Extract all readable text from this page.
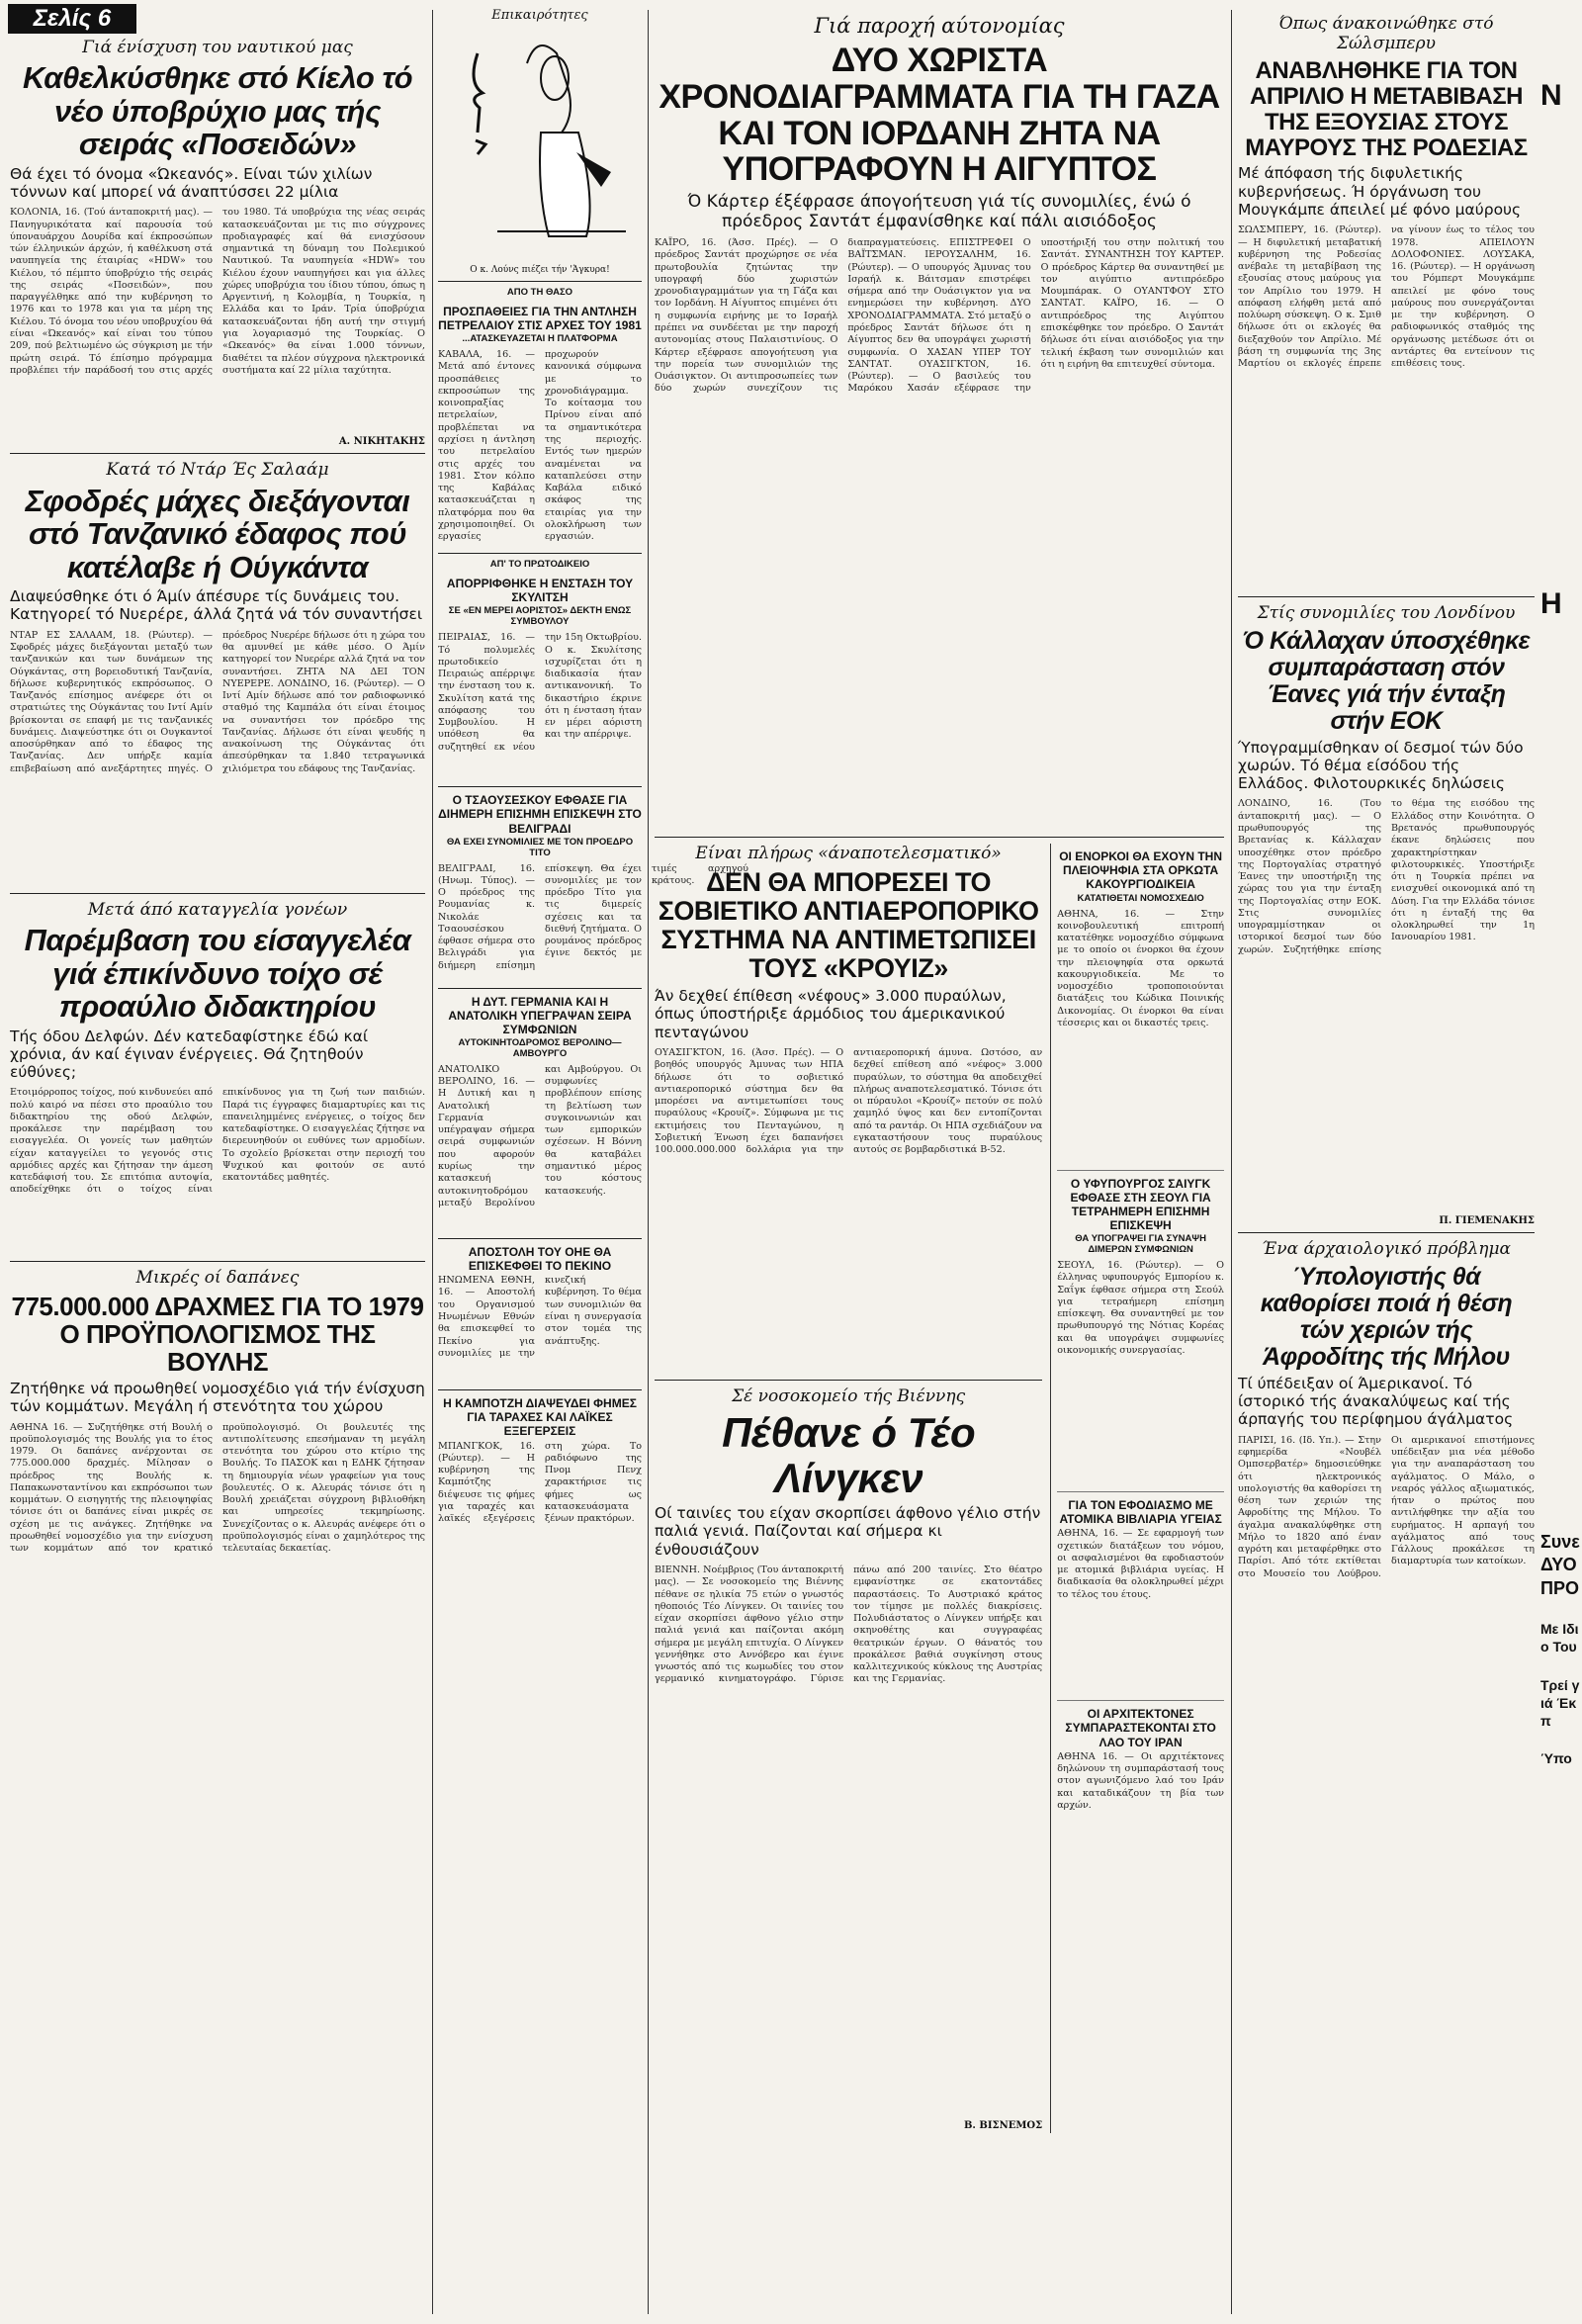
Σελίς 6

Γιά ένίσχυση του ναυτικού μας

Καθελκύσθηκε στό Κίελο τό νέο ύποβρύχιο μας τής σειράς «Ποσειδών»

Θά έχει τό όνομα «Ώκεανός». Είναι τών χιλίων τόννων καί μπορεί νά άναπτύσσει 22 μίλια

ΚΟΛΟΝΙΑ, 16. (Τού άνταποκριτή μας). — Πανηγυρικότατα καί παρουσία τού ύποναυάρχου Δουρίδα καί έκπροσώπων τών έλληνικών άρχών, ή καθέλκυση στά ναυπηγεία της έταιρίας «HDW» του Κιέλου, τό πέμπτο ύποβρύχιο τής σειράς της σειράς «Ποσειδών», που παραγγέλθηκε από την κυβέρνηση το 1976 και το 1978 και για τα μέρη της Κιέλου. Τό όνομα του νέου υποβρυχίου θά είναι «Ώκεανός» καί είναι του τύπου 209, πού βελτιωμένο ώς σύγκριση με τήν πρώτη σειρά. Τό έπίσημο πρόγραμμα προβλέπει τήν παράδοσή του στις αρχές του 1980. Τά υποβρύχια της νέας σειράς κατασκευάζονται με τις πιο σύγχρονες προδιαγραφές καί θά ενισχύσουν σημαντικά τη δύναμη του Πολεμικού Ναυτικού. Τα ναυπηγεία «HDW» του Κιέλου έχουν ναυπηγήσει και για άλλες χώρες υποβρύχια του ίδιου τύπου, όπως η Αργεντινή, η Κολομβία, η Τουρκία, η Ελλάδα και το Ιράν. Τρία ύποβρύχια κατασκευάζονται ήδη αυτή την στιγμή για λογαριασμό της Τουρκίας. Ο «Ωκεανός» θα είναι 1.000 τόννων, διαθέτει τα πλέον σύγχρονα ηλεκτρονικά συστήματα καί 22 μίλια ταχύτητα.

Α. ΝΙΚΗΤΑΚΗΣ

Κατά τό Ντάρ Ές Σαλαάμ

Σφοδρές μάχες διεξάγονται στό Τανζανικό έδαφος πού κατέλαβε ή Ούγκάντα

Διαψεύσθηκε ότι ό Άμίν άπέσυρε τίς δυνάμεις του. Κατηγορεί τό Νυερέρε, άλλά ζητά νά τόν συναντήσει

ΝΤΑΡ ΕΣ ΣΑΛΑΑΜ, 18. (Ρώυτερ). — Σφοδρές μάχες διεξάγονται μεταξύ των τανζανικών και των δυνάμεων της Ούγκάντας, στη βορειοδυτική Τανζανία, δήλωσε κυβερνητικός εκπρόσωπος. Ο Τανζανός επίσημος ανέφερε ότι οι στρατιώτες της Ούγκάντας του Ιντί Αμίν βρίσκονται σε επαφή με τις τανζανικές δυνάμεις. Διαψεύστηκε ότι οι Ουγκαντοί αποσύρθηκαν από το έδαφος της Τανζανίας. Δεν υπήρξε καμία επιβεβαίωση από ανεξάρτητες πηγές. Ο πρόεδρος Νυερέρε δήλωσε ότι η χώρα του θα αμυνθεί με κάθε μέσο. Ο Άμίν κατηγορεί τον Νυερέρε αλλά ζητά να τον συναντήσει. ΖΗΤΑ ΝΑ ΔΕΙ ΤΟΝ ΝΥΕΡΕΡΕ. ΛΟΝΔΙΝΟ, 16. (Ρώυτερ). — Ο Ιντί Αμίν δήλωσε από τον ραδιοφωνικό σταθμό της Καμπάλα ότι είναι έτοιμος να συναντήσει τον πρόεδρο της Τανζανίας. Δήλωσε ότι είναι ψευδής η ανακοίνωση της Ούγκάντας ότι άπεσύρθηκαν τα 1.840 τετραγωνικά χιλιόμετρα του εδάφους της Τανζανίας.

Μετά άπό καταγγελία γονέων

Παρέμβαση του είσαγγελέα γιά έπικίνδυνο τοίχο σέ προαύλιο διδακτηρίου

Τής όδου Δελφών. Δέν κατεδαφίστηκε έδώ καί χρόνια, άν καί έγιναν ένέργειες. Θά ζητηθούν εύθύνες;

Ετοιμόρροπος τοίχος, πού κινδυνεύει από πολύ καιρό να πέσει στο προαύλιο του διδακτηρίου της οδού Δελφών, προκάλεσε την παρέμβαση του εισαγγελέα. Οι γονείς των μαθητών είχαν καταγγείλει το γεγονός στις αρμόδιες αρχές και ζήτησαν την άμεση κατεδάφισή του. Σε επιτόπια αυτοψία, αποδείχθηκε ότι ο τοίχος είναι επικίνδυνος για τη ζωή των παιδιών. Παρά τις έγγραφες διαμαρτυρίες και τις επανειλημμένες ενέργειες, ο τοίχος δεν κατεδαφίστηκε. Ο εισαγγελέας ζήτησε να διερευνηθούν οι ευθύνες των αρμοδίων. Το σχολείο βρίσκεται στην περιοχή του Ψυχικού και φοιτούν σε αυτό εκατοντάδες μαθητές.

Μικρές οί δαπάνες

775.000.000 ΔΡΑΧΜΕΣ ΓΙΑ ΤΟ 1979 Ο ΠΡΟΫΠΟΛΟΓΙΣΜΟΣ ΤΗΣ ΒΟΥΛΗΣ

Ζητήθηκε νά προωθηθεί νομοσχέδιο γιά τήν ένίσχυση τών κομμάτων. Μεγάλη ή στενότητα του χώρου

ΑΘΗΝΑ 16. — Συζητήθηκε στή Βουλή ο προϋπολογισμός της Βουλής για το έτος 1979. Οι δαπάνες ανέρχονται σε 775.000.000 δραχμές. Μίλησαν ο πρόεδρος της Βουλής κ. Παπακωνσταντίνου και εκπρόσωποι των κομμάτων. Ο εισηγητής της πλειοψηφίας τόνισε ότι οι δαπάνες είναι μικρές σε σχέση με τις ανάγκες. Ζητήθηκε να προωθηθεί νομοσχέδιο για την ενίσχυση των κομμάτων από τον κρατικό προϋπολογισμό. Οι βουλευτές της αντιπολίτευσης επεσήμαναν τη μεγάλη στενότητα του χώρου στο κτίριο της Βουλής. Το ΠΑΣΟΚ και η ΕΔΗΚ ζήτησαν τη δημιουργία νέων γραφείων για τους βουλευτές. Ο κ. Αλευράς τόνισε ότι η Βουλή χρειάζεται σύγχρονη βιβλιοθήκη και υπηρεσίες τεκμηρίωσης. Συνεχίζοντας ο κ. Αλευράς ανέφερε ότι ο προϋπολογισμός είναι ο χαμηλότερος της τελευταίας δεκαετίας.

Επικαιρότητες

Ο κ. Λούνς πιέζει τήν 'Άγκυρα!

ΑΠΟ ΤΗ ΘΑΣΟ

ΠΡΟΣΠΑΘΕΙΕΣ ΓΙΑ ΤΗΝ ΑΝΤΛΗΣΗ ΠΕΤΡΕΛΑΙΟΥ ΣΤΙΣ ΑΡΧΕΣ ΤΟΥ 1981

...ΑΤΑΣΚΕΥΑΖΕΤΑΙ Η ΠΛΑΤΦΟΡΜΑ

ΚΑΒΑΛΑ, 16. — Μετά από έντονες προσπάθειες εκπροσώπων της κοινοπραξίας πετρελαίων, προβλέπεται να αρχίσει η άντληση του πετρελαίου στις αρχές του 1981. Στον κόλπο της Καβάλας κατασκευάζεται η πλατφόρμα που θα χρησιμοποιηθεί. Οι εργασίες προχωρούν κανονικά σύμφωνα με το χρονοδιάγραμμα. Το κοίτασμα του Πρίνου είναι από τα σημαντικότερα της περιοχής. Εντός των ημερών αναμένεται να καταπλεύσει στην Καβάλα ειδικό σκάφος της εταιρίας για την ολοκλήρωση των εργασιών.

ΑΠ' ΤΟ ΠΡΩΤΟΔΙΚΕΙΟ

ΑΠΟΡΡΙΦΘΗΚΕ Η ΕΝΣΤΑΣΗ ΤΟΥ ΣΚΥΛΙΤΣΗ

ΣΕ «ΕΝ ΜΕΡΕΙ ΑΟΡΙΣΤΟΣ» ΔΕΚΤΗ ΕΝΩΣ ΣΥΜΒΟΥΛΟΥ

ΠΕΙΡΑΙΑΣ, 16. — Τό πολυμελές πρωτοδικείο Πειραιώς απέρριψε την ένσταση του κ. Σκυλίτση κατά της απόφασης του Συμβουλίου. Η υπόθεση θα συζητηθεί εκ νέου την 15η Οκτωβρίου. Ο κ. Σκυλίτσης ισχυρίζεται ότι η διαδικασία ήταν αντικανονική. Το δικαστήριο έκρινε ότι η ένσταση ήταν εν μέρει αόριστη και την απέρριψε.

Ο ΤΣΑΟΥΣΕΣΚΟΥ ΕΦΘΑΣΕ ΓΙΑ ΔΙΗΜΕΡΗ ΕΠΙΣΗΜΗ ΕΠΙΣΚΕΨΗ ΣΤΟ ΒΕΛΙΓΡΑΔΙ

ΘΑ ΕΧΕΙ ΣΥΝΟΜΙΛΙΕΣ ΜΕ ΤΟΝ ΠΡΟΕΔΡΟ ΤΙΤΟ

ΒΕΛΙΓΡΑΔΙ, 16. (Ηνωμ. Τύπος). — Ο πρόεδρος της Ρουμανίας κ. Νικολάε Τσαουσέσκου έφθασε σήμερα στο Βελιγράδι για διήμερη επίσημη επίσκεψη. Θα έχει συνομιλίες με τον πρόεδρο Τίτο για τις διμερείς σχέσεις και τα διεθνή ζητήματα. Ο ρουμάνος πρόεδρος έγινε δεκτός με τιμές αρχηγού κράτους.

Η ΔΥΤ. ΓΕΡΜΑΝΙΑ ΚΑΙ Η ΑΝΑΤΟΛΙΚΗ ΥΠΕΓΡΑΨΑΝ ΣΕΙΡΑ ΣΥΜΦΩΝΙΩΝ

ΑΥΤΟΚΙΝΗΤΟΔΡΟΜΟΣ ΒΕΡΟΛΙΝΟ—ΑΜΒΟΥΡΓΟ

ΑΝΑΤΟΛΙΚΟ ΒΕΡΟΛΙΝΟ, 16. — Η Δυτική και η Ανατολική Γερμανία υπέγραψαν σήμερα σειρά συμφωνιών που αφορούν κυρίως την κατασκευή αυτοκινητοδρόμου μεταξύ Βερολίνου και Αμβούργου. Οι συμφωνίες προβλέπουν επίσης τη βελτίωση των συγκοινωνιών και των εμπορικών σχέσεων. Η Βόννη θα καταβάλει σημαντικό μέρος του κόστους κατασκευής.

ΑΠΟΣΤΟΛΗ ΤΟΥ ΟΗΕ ΘΑ ΕΠΙΣΚΕΦΘΕΙ ΤΟ ΠΕΚΙΝΟ

ΗΝΩΜΕΝΑ ΕΘΝΗ, 16. — Αποστολή του Οργανισμού Ηνωμένων Εθνών θα επισκεφθεί το Πεκίνο για συνομιλίες με την κινεζική κυβέρνηση. Το θέμα των συνομιλιών θα είναι η συνεργασία στον τομέα της ανάπτυξης.

Η ΚΑΜΠΟΤΖΗ ΔΙΑΨΕΥΔΕΙ ΦΗΜΕΣ ΓΙΑ ΤΑΡΑΧΕΣ ΚΑΙ ΛΑΪΚΕΣ ΕΞΕΓΕΡΣΕΙΣ

ΜΠΑΝΓΚΟΚ, 16. (Ρώυτερ). — Η κυβέρνηση της Καμπότζης διέψευσε τις φήμες για ταραχές και λαϊκές εξεγέρσεις στη χώρα. Το ραδιόφωνο της Πνομ Πενχ χαρακτήρισε τις φήμες ως κατασκευάσματα ξένων πρακτόρων.

Γιά παροχή αύτονομίας

ΔΥΟ ΧΩΡΙΣΤΑ ΧΡΟΝΟΔΙΑΓΡΑΜΜΑΤΑ ΓΙΑ ΤΗ ΓΑΖΑ ΚΑΙ ΤΟΝ ΙΟΡΔΑΝΗ ΖΗΤΑ ΝΑ ΥΠΟΓΡΑΦΟΥΝ Η ΑΙΓΥΠΤΟΣ

Ό Κάρτερ έξέφρασε άπογοήτευση γιά τίς συνομιλίες, ένώ ό πρόεδρος Σαντάτ έμφανίσθηκε καί πάλι αισιόδοξος

ΚΑΪΡΟ, 16. (Άσσ. Πρές). — Ο πρόεδρος Σαντάτ προχώρησε σε νέα πρωτοβουλία ζητώντας την υπογραφή δύο χωριστών χρονοδιαγραμμάτων για τη Γάζα και τον Ιορδάνη. Η Αίγυπτος επιμένει ότι η συμφωνία ειρήνης με το Ισραήλ πρέπει να συνδέεται με την παροχή αυτονομίας στους Παλαιστινίους. Ο Κάρτερ εξέφρασε απογοήτευση για την πορεία των συνομιλιών της Ουάσιγκτον. Οι αντιπροσωπείες των δύο χωρών συνεχίζουν τις διαπραγματεύσεις. ΕΠΙΣΤΡΕΦΕΙ Ο ΒΑΪΤΣΜΑΝ. ΙΕΡΟΥΣΑΛΗΜ, 16. (Ρώυτερ). — Ο υπουργός Άμυνας του Ισραήλ κ. Βάιτσμαν επιστρέφει σήμερα από την Ουάσιγκτον για να ενημερώσει την κυβέρνηση. ΔΥΟ ΧΡΟΝΟΔΙΑΓΡΑΜΜΑΤΑ. Στό μεταξύ ο πρόεδρος Σαντάτ δήλωσε ότι η Αίγυπτος δεν θα υπογράψει χωριστή συμφωνία. Ο ΧΑΣΑΝ ΥΠΕΡ ΤΟΥ ΣΑΝΤΑΤ. ΟΥΑΣΙΓΚΤΟΝ, 16. (Ρώυτερ). — Ο βασιλεύς του Μαρόκου Χασάν εξέφρασε την υποστήριξή του στην πολιτική του Σαντάτ. ΣΥΝΑΝΤΗΣΗ ΤΟΥ ΚΑΡΤΕΡ. Ο πρόεδρος Κάρτερ θα συναντηθεί με τον αιγύπτιο αντιπρόεδρο Μουμπάρακ. Ο ΟΥΑΝΤΦΟΥ ΣΤΟ ΣΑΝΤΑΤ. ΚΑΪΡΟ, 16. — Ο αντιπρόεδρος της Αιγύπτου επισκέφθηκε τον πρόεδρο. Ο Σαντάτ δήλωσε ότι είναι αισιόδοξος για την τελική έκβαση των συνομιλιών και ότι η ειρήνη θα επιτευχθεί σύντομα.

Είναι πλήρως «άναποτελεσματικό»

ΔΕΝ ΘΑ ΜΠΟΡΕΣΕΙ ΤΟ ΣΟΒΙΕΤΙΚΟ ΑΝΤΙΑΕΡΟΠΟΡΙΚΟ ΣΥΣΤΗΜΑ ΝΑ ΑΝΤΙΜΕΤΩΠΙΣΕΙ ΤΟΥΣ «ΚΡΟΥΙΖ»

Άν δεχθεί έπίθεση «νέφους» 3.000 πυραύλων, όπως ύποστήριξε άρμόδιος του άμερικανικού πενταγώνου

ΟΥΑΣΙΓΚΤΟΝ, 16. (Άσσ. Πρές). — Ο βοηθός υπουργός Άμυνας των ΗΠΑ δήλωσε ότι το σοβιετικό αντιαεροπορικό σύστημα δεν θα μπορέσει να αντιμετωπίσει τους πυραύλους «Κρουίζ». Σύμφωνα με τις εκτιμήσεις του Πενταγώνου, η Σοβιετική Ένωση έχει δαπανήσει 100.000.000.000 δολλάρια για την αντιαεροπορική άμυνα. Ωστόσο, αν δεχθεί επίθεση από «νέφος» 3.000 πυραύλων, το σύστημα θα αποδειχθεί πλήρως αναποτελεσματικό. Τόνισε ότι οι πύραυλοι «Κρουίζ» πετούν σε πολύ χαμηλό ύψος και δεν εντοπίζονται από τα ραντάρ. Οι ΗΠΑ σχεδιάζουν να εγκαταστήσουν τους πυραύλους αυτούς σε βομβαρδιστικά Β-52.

Σέ νοσοκομείο τής Βιέννης

Πέθανε ό Τέο Λίνγκεν

Οί ταινίες του είχαν σκορπίσει άφθονο γέλιο στήν παλιά γενιά. Παίζονται καί σήμερα κι ένθουσιάζουν

ΒΙΕΝΝΗ. Νοέμβριος (Του άνταποκριτή μας). — Σε νοσοκομείο της Βιέννης πέθανε σε ηλικία 75 ετών ο γνωστός ηθοποιός Τέο Λίνγκεν. Οι ταινίες του είχαν σκορπίσει άφθονο γέλιο στην παλιά γενιά και παίζονται ακόμη σήμερα με μεγάλη επιτυχία. Ο Λίνγκεν γεννήθηκε στο Αννόβερο και έγινε γνωστός από τις κωμωδίες του στον γερμανικό κινηματογράφο. Γύρισε πάνω από 200 ταινίες. Στο θέατρο εμφανίστηκε σε εκατοντάδες παραστάσεις. Το Αυστριακό κράτος τον τίμησε με πολλές διακρίσεις. Πολυδιάστατος ο Λίνγκεν υπήρξε και σκηνοθέτης και συγγραφέας θεατρικών έργων. Ο θάνατός του προκάλεσε βαθιά συγκίνηση στους καλλιτεχνικούς κύκλους της Αυστρίας και της Γερμανίας.

Β. ΒΙΣΝΕΜΟΣ

ΟΙ ΕΝΟΡΚΟΙ ΘΑ ΕΧΟΥΝ ΤΗΝ ΠΛΕΙΟΨΗΦΙΑ ΣΤΑ ΟΡΚΩΤΑ ΚΑΚΟΥΡΓΙΟΔΙΚΕΙΑ

ΚΑΤΑΤΙΘΕΤΑΙ ΝΟΜΟΣΧΕΔΙΟ

ΑΘΗΝΑ, 16. — Στην κοινοβουλευτική επιτροπή κατατέθηκε νομοσχέδιο σύμφωνα με το οποίο οι ένορκοι θα έχουν την πλειοψηφία στα ορκωτά κακουργιοδικεία. Με το νομοσχέδιο τροποποιούνται διατάξεις του Κώδικα Ποινικής Δικονομίας. Οι ένορκοι θα είναι τέσσερις και οι δικαστές τρεις.

Ο ΥΦΥΠΟΥΡΓΟΣ ΣΑΙΥΓΚ ΕΦΘΑΣΕ ΣΤΗ ΣΕΟΥΛ ΓΙΑ ΤΕΤΡΑΗΜΕΡΗ ΕΠΙΣΗΜΗ ΕΠΙΣΚΕΨΗ

ΘΑ ΥΠΟΓΡΑΨΕΙ ΓΙΑ ΣΥΝΑΨΗ ΔΙΜΕΡΩΝ ΣΥΜΦΩΝΙΩΝ

ΣΕΟΥΛ, 16. (Ρώυτερ). — Ο έλληνας υφυπουργός Εμπορίου κ. Σαΐγκ έφθασε σήμερα στη Σεούλ για τετραήμερη επίσημη επίσκεψη. Θα συναντηθεί με τον πρωθυπουργό της Νότιας Κορέας και θα υπογράψει συμφωνίες οικονομικής συνεργασίας.

ΓΙΑ ΤΟΝ ΕΦΟΔΙΑΣΜΟ ΜΕ ΑΤΟΜΙΚΑ ΒΙΒΛΙΑΡΙΑ ΥΓΕΙΑΣ

ΑΘΗΝΑ, 16. — Σε εφαρμογή των σχετικών διατάξεων του νόμου, οι ασφαλισμένοι θα εφοδιαστούν με ατομικά βιβλιάρια υγείας. Η διαδικασία θα ολοκληρωθεί μέχρι το τέλος του έτους.

ΟΙ ΑΡΧΙΤΕΚΤΟΝΕΣ ΣΥΜΠΑΡΑΣΤΕΚΟΝΤΑΙ ΣΤΟ ΛΑΟ ΤΟΥ ΙΡΑΝ

ΑΘΗΝΑ 16. — Οι αρχιτέκτονες δηλώνουν τη συμπαράστασή τους στον αγωνιζόμενο λαό του Ιράν και καταδικάζουν τη βία των αρχών.

Όπως άνακοινώθηκε στό Σώλσμπερυ

ΑΝΑΒΛΗΘΗΚΕ ΓΙΑ ΤΟΝ ΑΠΡΙΛΙΟ Η ΜΕΤΑΒΙΒΑΣΗ ΤΗΣ ΕΞΟΥΣΙΑΣ ΣΤΟΥΣ ΜΑΥΡΟΥΣ ΤΗΣ ΡΟΔΕΣΙΑΣ

Μέ άπόφαση τής διφυλετικής κυβερνήσεως. Ή όργάνωση του Μουγκάμπε άπειλεί μέ φόνο μαύρους

ΣΩΛΣΜΠΕΡΥ, 16. (Ρώυτερ). — Η διφυλετική μεταβατική κυβέρνηση της Ροδεσίας ανέβαλε τη μεταβίβαση της εξουσίας στους μαύρους για τον Απρίλιο του 1979. Η απόφαση ελήφθη μετά από πολύωρη σύσκεψη. Ο κ. Σμιθ δήλωσε ότι οι εκλογές θα διεξαχθούν τον Απρίλιο. Μέ βάση τη συμφωνία της 3ης Μαρτίου οι εκλογές έπρεπε να γίνουν έως το τέλος του 1978. ΑΠΕΙΛΟΥΝ ΔΟΛΟΦΟΝΙΕΣ. ΛΟΥΣΑΚΑ, 16. (Ρώυτερ). — Η οργάνωση του Ρόμπερτ Μουγκάμπε απειλεί με φόνο τους μαύρους που συνεργάζονται με την κυβέρνηση. Ο ραδιοφωνικός σταθμός της οργάνωσης μετέδωσε ότι οι αντάρτες θα εντείνουν τις επιθέσεις τους.

Στίς συνομιλίες του Λονδίνου

Ό Κάλλαχαν ύποσχέθηκε συμπαράσταση στόν Έανες γιά τήν ένταξη στήν ΕΟΚ

Ύπογραμμίσθηκαν οί δεσμοί τών δύο χωρών. Τό θέμα είσόδου τής Ελλάδος. Φιλοτουρκικές δηλώσεις

ΛΟΝΔΙΝΟ, 16. (Του άνταποκριτή μας). — Ο πρωθυπουργός της Βρετανίας κ. Κάλλαχαν υποσχέθηκε στον πρόεδρο της Πορτογαλίας στρατηγό Έανες την υποστήριξη της χώρας του για την ένταξη της Πορτογαλίας στην ΕΟΚ. Στις συνομιλίες υπογραμμίστηκαν οι ιστορικοί δεσμοί των δύο χωρών. Συζητήθηκε επίσης το θέμα της εισόδου της Ελλάδος στην Κοινότητα. Ο Βρετανός πρωθυπουργός έκανε δηλώσεις που χαρακτηρίστηκαν φιλοτουρκικές. Υποστήριξε ότι η Τουρκία πρέπει να ενισχυθεί οικονομικά από τη Δύση. Για την Ελλάδα τόνισε ότι η ένταξή της θα ολοκληρωθεί την 1η Ιανουαρίου 1981.

Π. ΓΙΕΜΕΝΑΚΗΣ

Ένα άρχαιολογικό πρόβλημα

Ύπολογιστής θά καθορίσει ποιά ή θέση τών χεριών τής Άφροδίτης τής Μήλου

Τί ύπέδειξαν οί Άμερικανοί. Τό ίστορικό τής άνακαλύψεως καί τής άρπαγής του περίφημου άγάλματος

ΠΑΡΙΣΙ, 16. (Ιδ. Υπ.). — Στην εφημερίδα «Νουβέλ Ομπσερβατέρ» δημοσιεύθηκε ότι ηλεκτρονικός υπολογιστής θα καθορίσει τη θέση των χεριών της Αφροδίτης της Μήλου. Το άγαλμα ανακαλύφθηκε στη Μήλο το 1820 από έναν αγρότη και μεταφέρθηκε στο Παρίσι. Από τότε εκτίθεται στο Μουσείο του Λούβρου. Οι αμερικανοί επιστήμονες υπέδειξαν μια νέα μέθοδο για την αναπαράσταση του αγάλματος. Ο Μάλο, ο νεαρός γάλλος αξιωματικός, ήταν ο πρώτος που αντιλήφθηκε την αξία του ευρήματος. Η αρπαγή του αγάλματος από τους Γάλλους προκάλεσε τη διαμαρτυρία των κατοίκων.
Ν
Η
Συνε ΔΥΟ ΠΡΟ
Με Ιδιο Του
Τρεί γιά Έκπ
Ύπο
